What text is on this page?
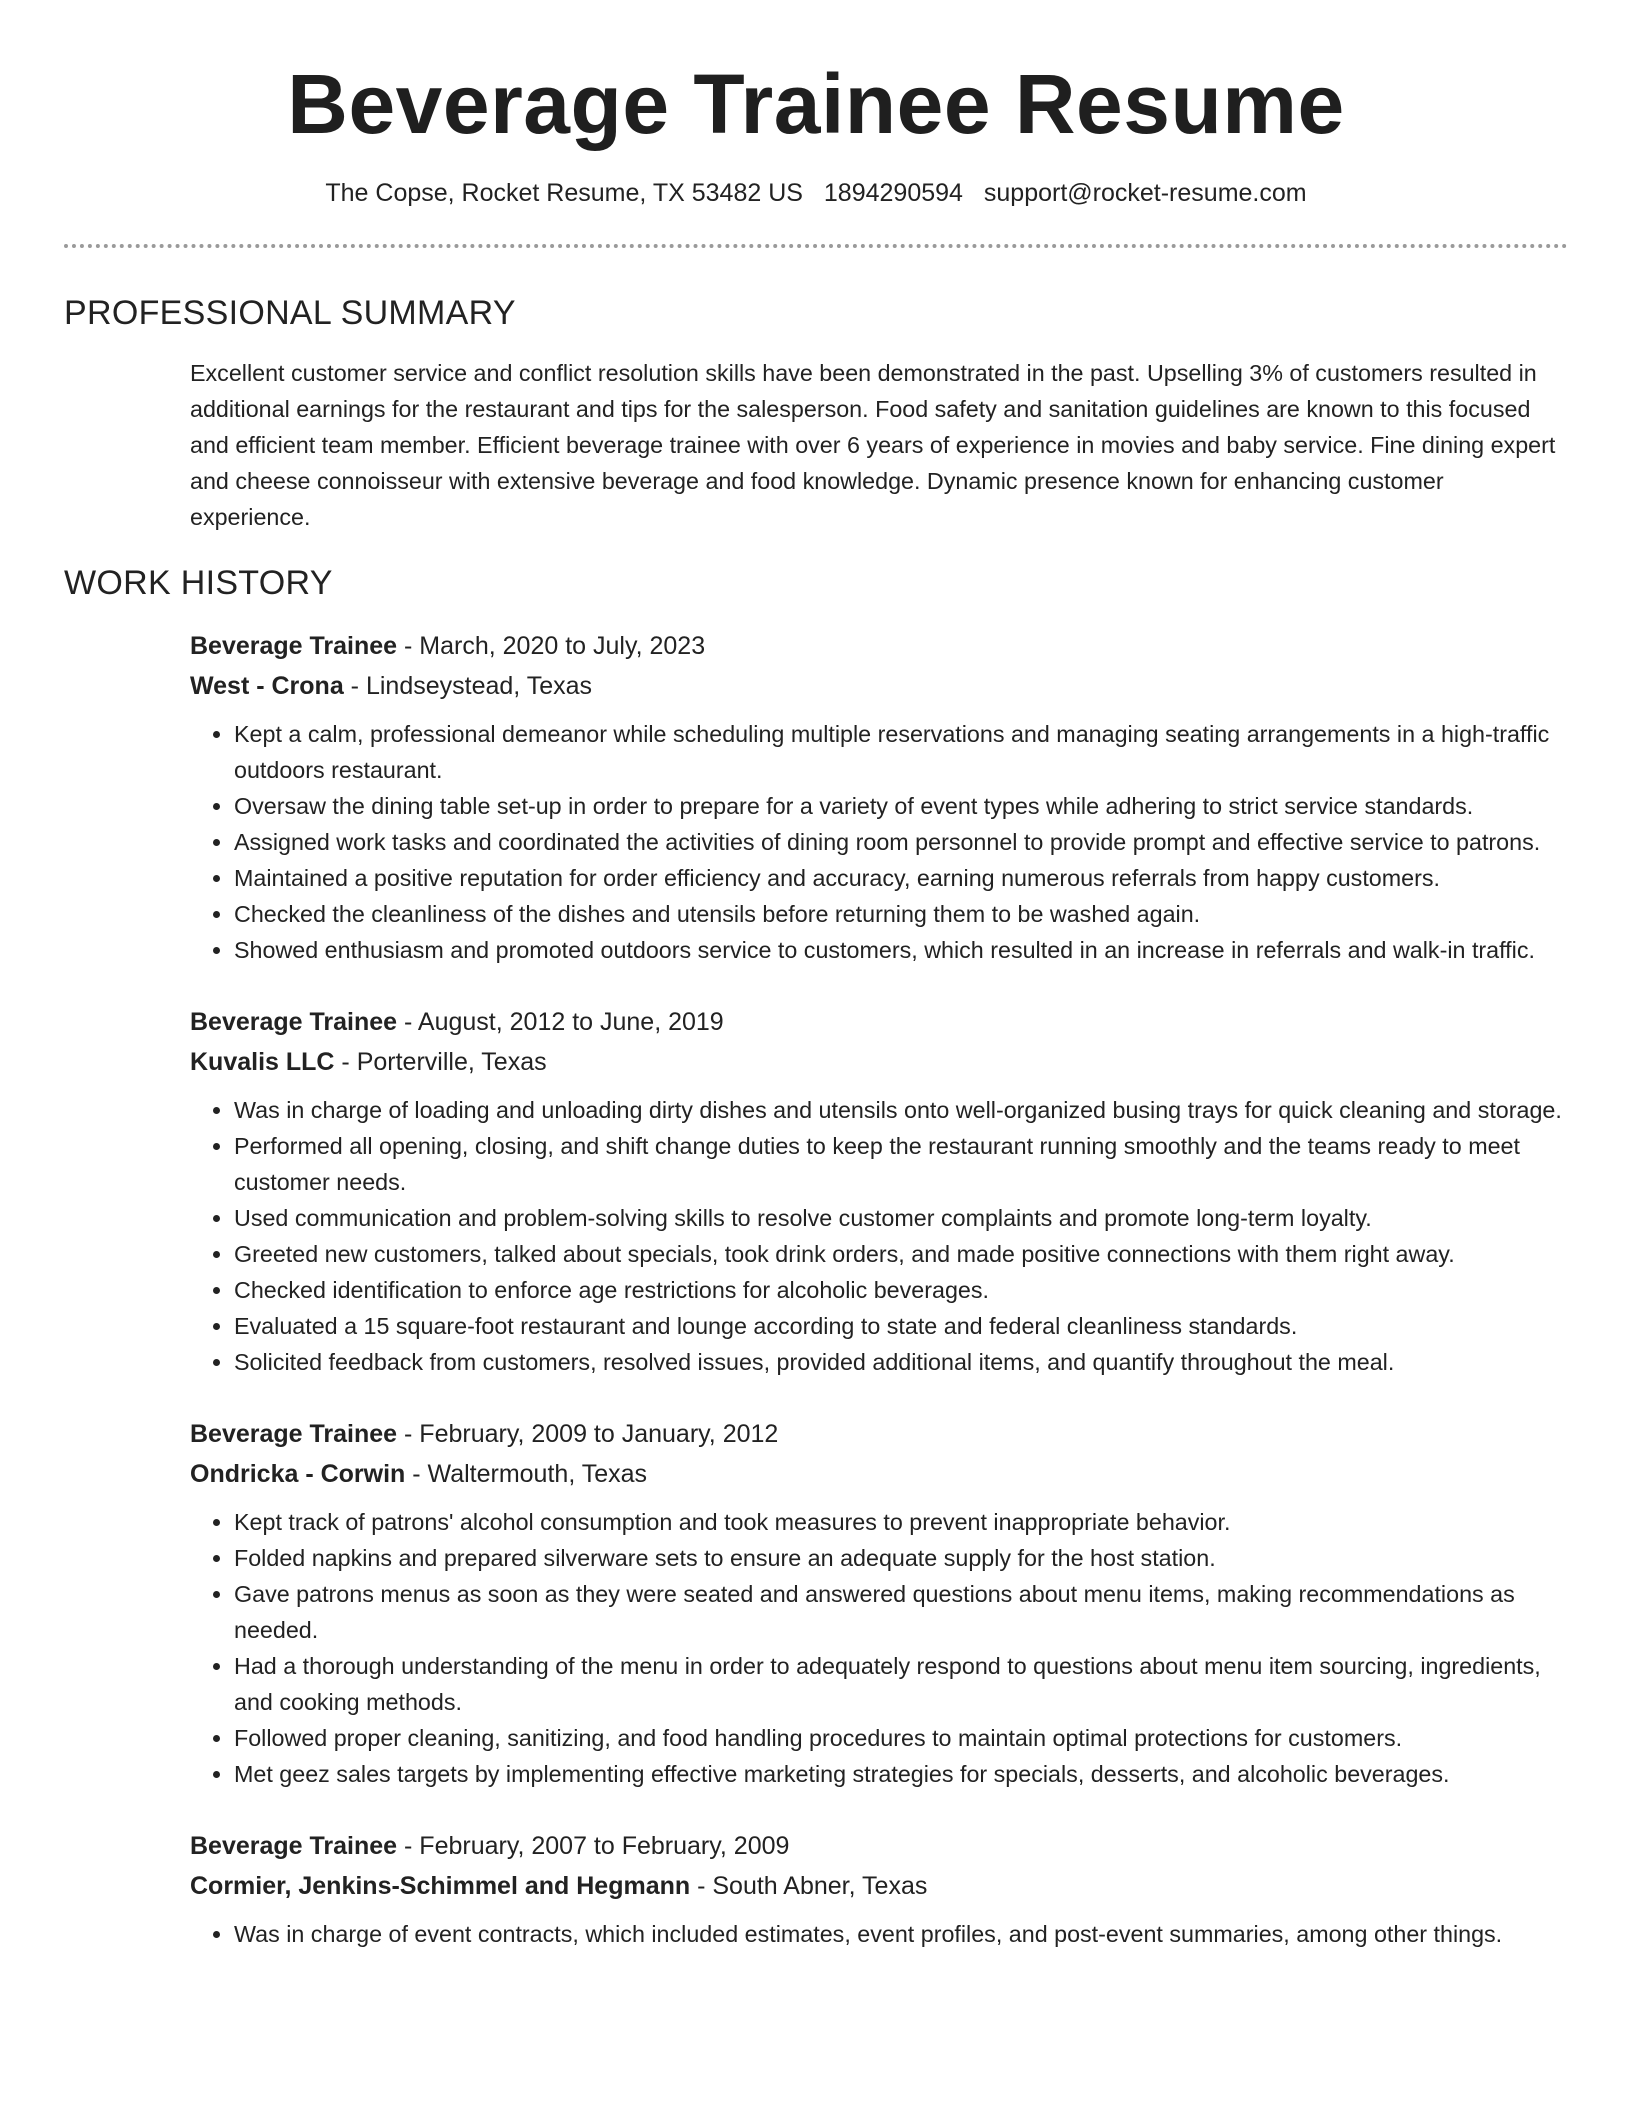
Beverage Trainee Resume
The Copse, Rocket Resume, TX 53482 US 1894290594 support@rocket-resume.com
PROFESSIONAL SUMMARY

Excellent customer service and conflict resolution skills have been demonstrated in the past. Upselling 3% of customers resulted in additional earnings for the restaurant and tips for the salesperson. Food safety and sanitation guidelines are known to this focused and efficient team member. Efficient beverage trainee with over 6 years of experience in movies and baby service. Fine dining expert and cheese connoisseur with extensive beverage and food knowledge. Dynamic presence known for enhancing customer experience.

WORK HISTORY
Beverage Trainee - March, 2020 to July, 2023
West - Crona - Lindseystead, Texas
• Kept a calm, professional demeanor while scheduling multiple reservations and managing seating arrangements in a high-traffic outdoors restaurant.
• Oversaw the dining table set-up in order to prepare for a variety of event types while adhering to strict service standards.
• Assigned work tasks and coordinated the activities of dining room personnel to provide prompt and effective service to patrons.
• Maintained a positive reputation for order efficiency and accuracy, earning numerous referrals from happy customers.
• Checked the cleanliness of the dishes and utensils before returning them to be washed again.
• Showed enthusiasm and promoted outdoors service to customers, which resulted in an increase in referrals and walk-in traffic.
Beverage Trainee - August, 2012 to June, 2019
Kuvalis LLC - Porterville, Texas
• Was in charge of loading and unloading dirty dishes and utensils onto well-organized busing trays for quick cleaning and storage.
• Performed all opening, closing, and shift change duties to keep the restaurant running smoothly and the teams ready to meet customer needs.
• Used communication and problem-solving skills to resolve customer complaints and promote long-term loyalty.
• Greeted new customers, talked about specials, took drink orders, and made positive connections with them right away.
• Checked identification to enforce age restrictions for alcoholic beverages.
• Evaluated a 15 square-foot restaurant and lounge according to state and federal cleanliness standards.
• Solicited feedback from customers, resolved issues, provided additional items, and quantify throughout the meal.
Beverage Trainee - February, 2009 to January, 2012
Ondricka - Corwin - Waltermouth, Texas
• Kept track of patrons' alcohol consumption and took measures to prevent inappropriate behavior.
• Folded napkins and prepared silverware sets to ensure an adequate supply for the host station.
• Gave patrons menus as soon as they were seated and answered questions about menu items, making recommendations as needed.
• Had a thorough understanding of the menu in order to adequately respond to questions about menu item sourcing, ingredients, and cooking methods.
• Followed proper cleaning, sanitizing, and food handling procedures to maintain optimal protections for customers.
• Met geez sales targets by implementing effective marketing strategies for specials, desserts, and alcoholic beverages.
Beverage Trainee - February, 2007 to February, 2009
Cormier, Jenkins-Schimmel and Hegmann - South Abner, Texas
• Was in charge of event contracts, which included estimates, event profiles, and post-event summaries, among other things.
